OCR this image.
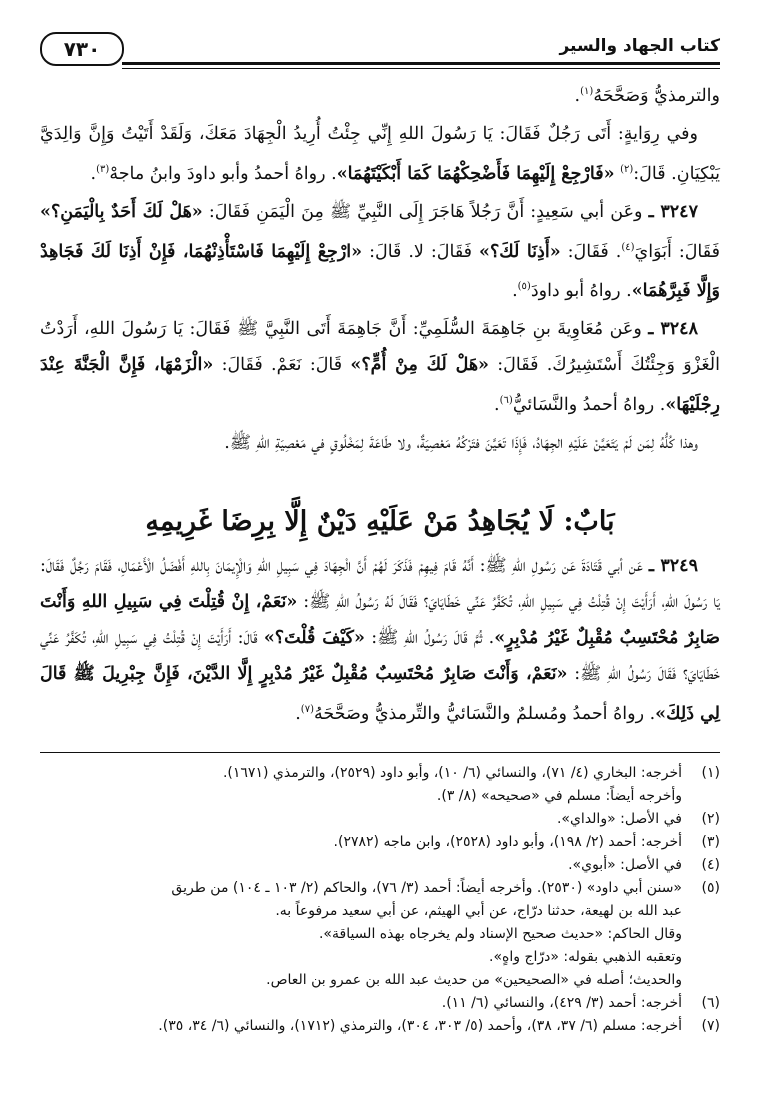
كتاب الجهاد والسير
٧٣٠

والترمذيُّ وَصَحَّحَهُ$^{(١)}$.

وفي رِوَايةٍ: أَتَى رَجُلٌ فَقَالَ: يَا رَسُولَ اللهِ إِنِّي جِئْتُ أُرِيدُ الْجِهَادَ مَعَكَ، وَلَقَدْ أَتَيْتُ وَإِنَّ وَالِدَيَّ يَبْكِيَانِ. قَالَ:$^{(٢)}$ «فَارْجِعْ إِلَيْهِمَا فَأَضْحِكْهُمَا كَمَا أَبْكَيْتَهُمَا». رواهُ أحمدُ وأبو داودَ وابنُ ماجهْ$^{(٣)}$.

٣٢٤٧ ـ وعَن أبي سَعِيدٍ: أَنَّ رَجُلاً هَاجَرَ إِلَى النَّبِيِّ ﷺ مِنَ الْيَمَنِ فَقَالَ: «هَلْ لَكَ أَحَدٌ بِالْيَمَنِ؟» فَقَالَ: أَبَوَايَ$^{(٤)}$. فَقَالَ: «أَذِنَا لَكَ؟» فَقَالَ: لا. قَالَ: «ارْجِعْ إِلَيْهِمَا فَاسْتَأْذِنْهُمَا، فَإِنْ أَذِنَا لَكَ فَجَاهِدْ وَإِلَّا فَبِرَّهُمَا». رواهُ أبو داودَ$^{(٥)}$.

٣٢٤٨ ـ وعَن مُعَاوِيةَ بنِ جَاهِمَةَ السُّلَمِيِّ: أَنَّ جَاهِمَةَ أَتَى النَّبِيَّ ﷺ فَقَالَ: يَا رَسُولَ اللهِ، أَرَدْتُ الْغَزْوَ وَجِئْتُكَ أَسْتَشِيرُكَ. فَقَالَ: «هَلْ لَكَ مِنْ أُمٍّ؟» قَالَ: نَعَمْ. فَقَالَ: «الْزَمْهَا، فَإِنَّ الْجَنَّةَ عِنْدَ رِجْلَيْهَا». رواهُ أحمدُ والنَّسَائيُّ$^{(٦)}$.

وهذا كُلُّهُ لِمَن لَمْ يَتَعَيَّنْ عَلَيْهِ الجِهَادُ، فَإِذَا تَعَيَّنَ فتَرْكُهُ مَعْصِيَةٌ، ولا طَاعَةَ لِمَخْلُوقٍ في مَعْصِيَةِ اللهِ ﷺ.

بَابٌ: لَا يُجَاهِدُ مَنْ عَلَيْهِ دَيْنٌ إِلَّا بِرِضَا غَرِيمِهِ

٣٢٤٩ ـ عَن أبي قَتَادَةَ عَن رَسُولِ اللهِ ﷺ: أَنَّهُ قَامَ فِيهِمْ فَذَكَرَ لَهُمْ أَنَّ الْجِهَادَ فِي سَبِيلِ اللهِ وَالْإِيمَانَ بِاللهِ أَفْضَلُ الْأَعْمَالِ، فَقَامَ رَجُلٌ فَقَالَ: يَا رَسُولَ اللهِ، أَرَأَيْتَ إِنْ قُتِلْتُ فِي سَبِيلِ اللهِ، تُكَفَّرُ عَنِّي خَطَايَايَ؟ فَقَالَ لَهُ رَسُولُ اللهِ ﷺ: «نَعَمْ، إِنْ قُتِلْتَ فِي سَبِيلِ اللهِ وَأَنْتَ صَابِرٌ مُحْتَسِبٌ مُقْبِلٌ غَيْرُ مُدْبِرٍ». ثُمَّ قَالَ رَسُولُ اللهِ ﷺ: «كَيْفَ قُلْتَ؟» قَالَ: أَرَأَيْتَ إِنْ قُتِلْتُ فِي سَبِيلِ اللهِ، تُكَفَّرُ عَنِّي خَطَايَايَ؟ فَقَالَ رَسُولُ اللهِ ﷺ: «نَعَمْ، وَأَنْتَ صَابِرٌ مُحْتَسِبٌ مُقْبِلٌ غَيْرُ مُدْبِرٍ إِلَّا الدَّيْنَ، فَإِنَّ جِبْرِيلَ ﷺ قَالَ لِي ذَلِكَ». رواهُ أحمدُ ومُسلمٌ والنَّسَائيُّ والتِّرمذيُّ وصَحَّحَهُ$^{(٧)}$.

(١)
أخرجه: البخاري (٤/ ٧١)، والنسائي (٦/ ١٠)، وأبو داود (٢٥٢٩)، والترمذي (١٦٧١).
وأخرجه أيضاً: مسلم في «صحيحه» (٨/ ٣).
(٢)
في الأصل: «والداي».
(٣)
أخرجه: أحمد (٢/ ١٩٨)، وأبو داود (٢٥٢٨)، وابن ماجه (٢٧٨٢).
(٤)
في الأصل: «أبوي».
(٥)
«سنن أبي داود» (٢٥٣٠). وأخرجه أيضاً: أحمد (٣/ ٧٦)، والحاكم (٢/ ١٠٣ ـ ١٠٤) من طريق
عبد الله بن لهيعة، حدثنا درّاج، عن أبي الهيثم، عن أبي سعيد مرفوعاً به.
وقال الحاكم: «حديث صحيح الإسناد ولم يخرجاه بهذه السياقة».
وتعقبه الذهبي بقوله: «درّاج واهٍ».
والحديث؛ أصله في «الصحيحين» من حديث عبد الله بن عمرو بن العاص.
(٦)
أخرجه: أحمد (٣/ ٤٢٩)، والنسائي (٦/ ١١).
(٧)
أخرجه: مسلم (٦/ ٣٧، ٣٨)، وأحمد (٥/ ٣٠٣، ٣٠٤)، والترمذي (١٧١٢)، والنسائي (٦/ ٣٤، ٣٥).
